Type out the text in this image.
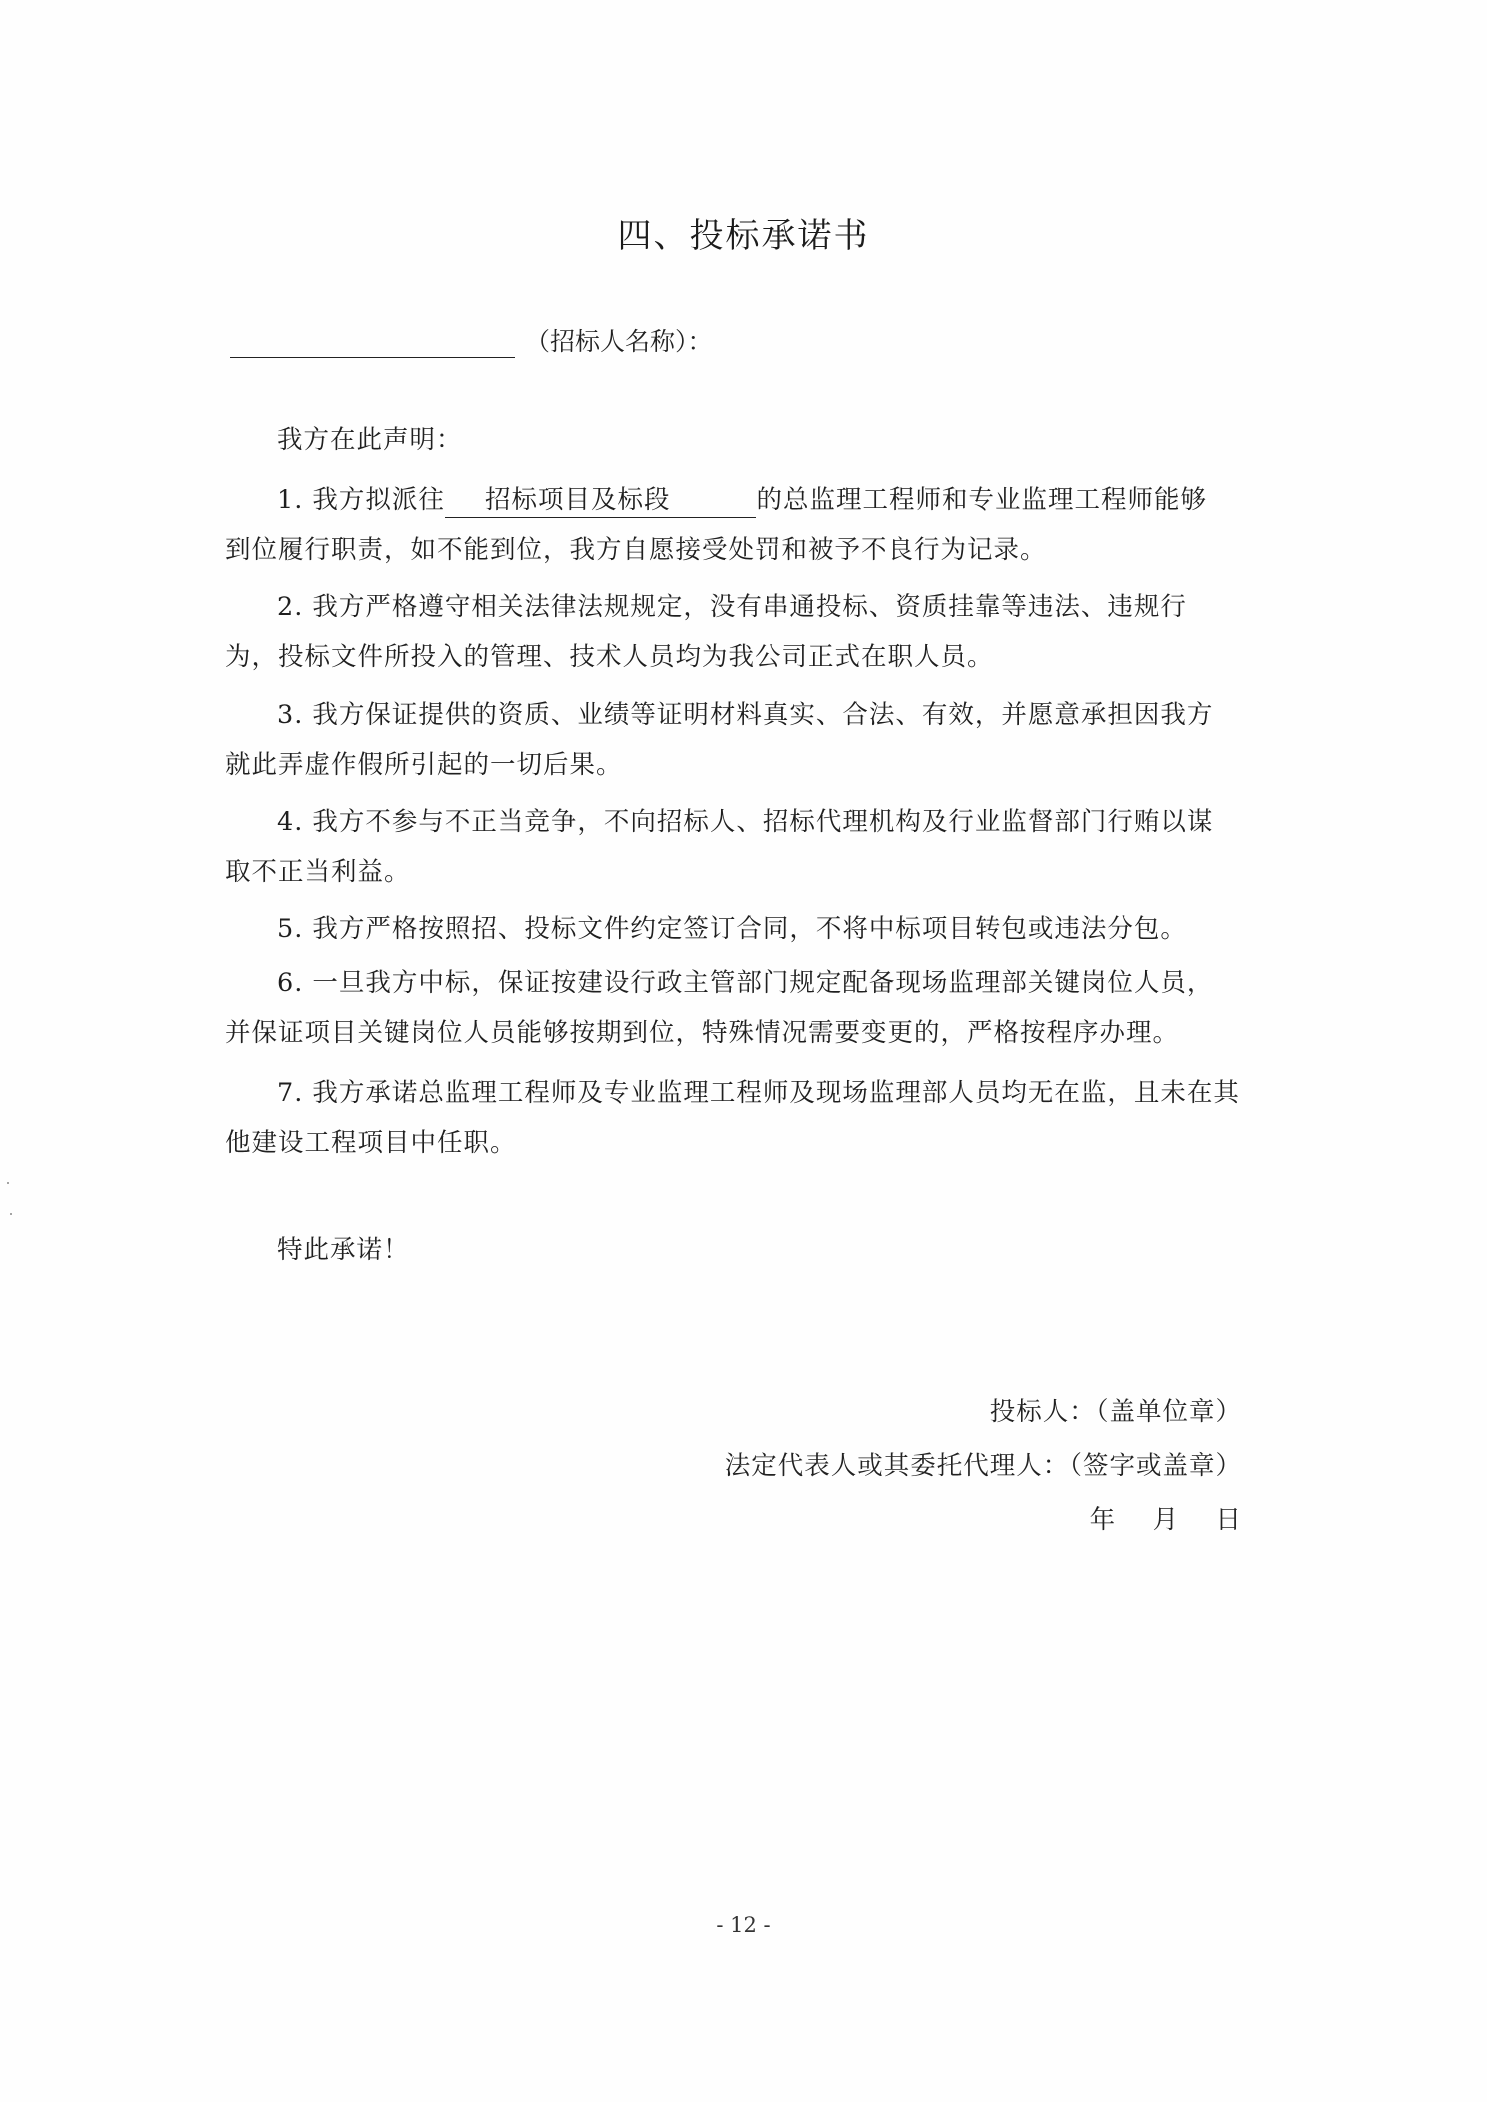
四、投标承诺书
（招标人名称）：
我方在此声明：
1. 我方拟派往 招标项目及标段	的总监理工程师和专业监理工程师能够
到位履行职责，如不能到位，我方自愿接受处罚和被予不良行为记录。
2. 我方严格遵守相关法律法规规定，没有串通投标、资质挂靠等违法、违规行
为，投标文件所投入的管理、技术人员均为我公司正式在职人员。
3. 我方保证提供的资质、业绩等证明材料真实、合法、有效，并愿意承担因我方
就此弄虚作假所引起的一切后果。
4. 我方不参与不正当竞争，不向招标人、招标代理机构及行业监督部门行贿以谋
取不正当利益。
5. 我方严格按照招、投标文件约定签订合同，不将中标项目转包或违法分包。
6. 一旦我方中标，保证按建设行政主管部门规定配备现场监理部关键岗位人员，
并保证项目关键岗位人员能够按期到位，特殊情况需要变更的，严格按程序办理。
7. 我方承诺总监理工程师及专业监理工程师及现场监理部人员均无在监，且未在其
他建设工程项目中任职。
特此承诺！
投标人：（盖单位章）
法定代表人或其委托代理人：（签字或盖章）
年    月    日
- 12 -
